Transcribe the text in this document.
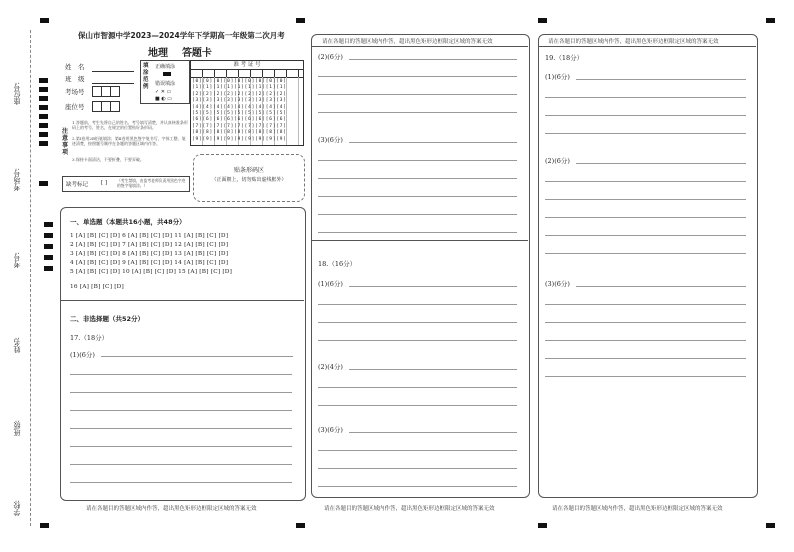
座位号:
考场号:
考号:
姓名:
班级:
学校:
保山市智源中学2023—2024学年下学期高一年级第二次月考
地理 答题卡
姓　名
班　级
考场号
座位号
填涂范例
正确填涂
错误填涂
✓ ✕ ▭
■ ◐ ▭
准 考 证 号
[0][0][0][0][0][0][0][0][0]
[1][1][1][1][1][1][1][1][1]
[2][2][2][2][2][2][2][2][2]
[3][3][3][3][3][3][3][3][3]
[4][4][4][4][4][4][4][4][4]
[5][5][5][5][5][5][5][5][5]
[6][6][6][6][6][6][6][6][6]
[7][7][7][7][7][7][7][7][7]
[8][8][8][8][8][8][8][8][8]
[9][9][9][9][9][9][9][9][9]
注意事项
1.答题前，考生先将自己的姓名、考号填写清楚，并认真核准条形码上的考号、姓名，在规定的位置贴好条形码。
2.第Ⅰ卷用2B铅笔填涂；第Ⅱ卷用黑色签字笔书写，字体工整、笔迹清楚，按照题号顺序在各题的答题区域内作答。
3.保持卡面清洁，不要折叠，不要弄破。
缺考标记 [ ]	（考生禁填，由监考老师负责用黑色字迹的签字笔填涂。）
贴条形码区
（正面朝上，切勿贴出虚线框外）
一、单选题（本题共16小题，共48分）
1 [A] [B] [C] [D] 6 [A] [B] [C] [D] 11 [A] [B] [C] [D]
2 [A] [B] [C] [D] 7 [A] [B] [C] [D] 12 [A] [B] [C] [D]
3 [A] [B] [C] [D] 8 [A] [B] [C] [D] 13 [A] [B] [C] [D]
4 [A] [B] [C] [D] 9 [A] [B] [C] [D] 14 [A] [B] [C] [D]
5 [A] [B] [C] [D] 10 [A] [B] [C] [D] 15 [A] [B] [C] [D]
16 [A] [B] [C] [D]
二、非选择题（共52分）
17.（18分）
(1)(6分)
请在各题目的答题区域内作答，超出黑色矩形边框限定区域的答案无效
请在各题目的答题区域内作答，超出黑色矩形边框限定区域的答案无效
(2)(6分)
(3)(6分)
18.（16分）
(1)(6分)
(2)(4分)
(3)(6分)
请在各题目的答题区域内作答，超出黑色矩形边框限定区域的答案无效
请在各题目的答题区域内作答，超出黑色矩形边框限定区域的答案无效
19.（18分）
(1)(6分)
(2)(6分)
(3)(6分)
请在各题目的答题区域内作答，超出黑色矩形边框限定区域的答案无效
